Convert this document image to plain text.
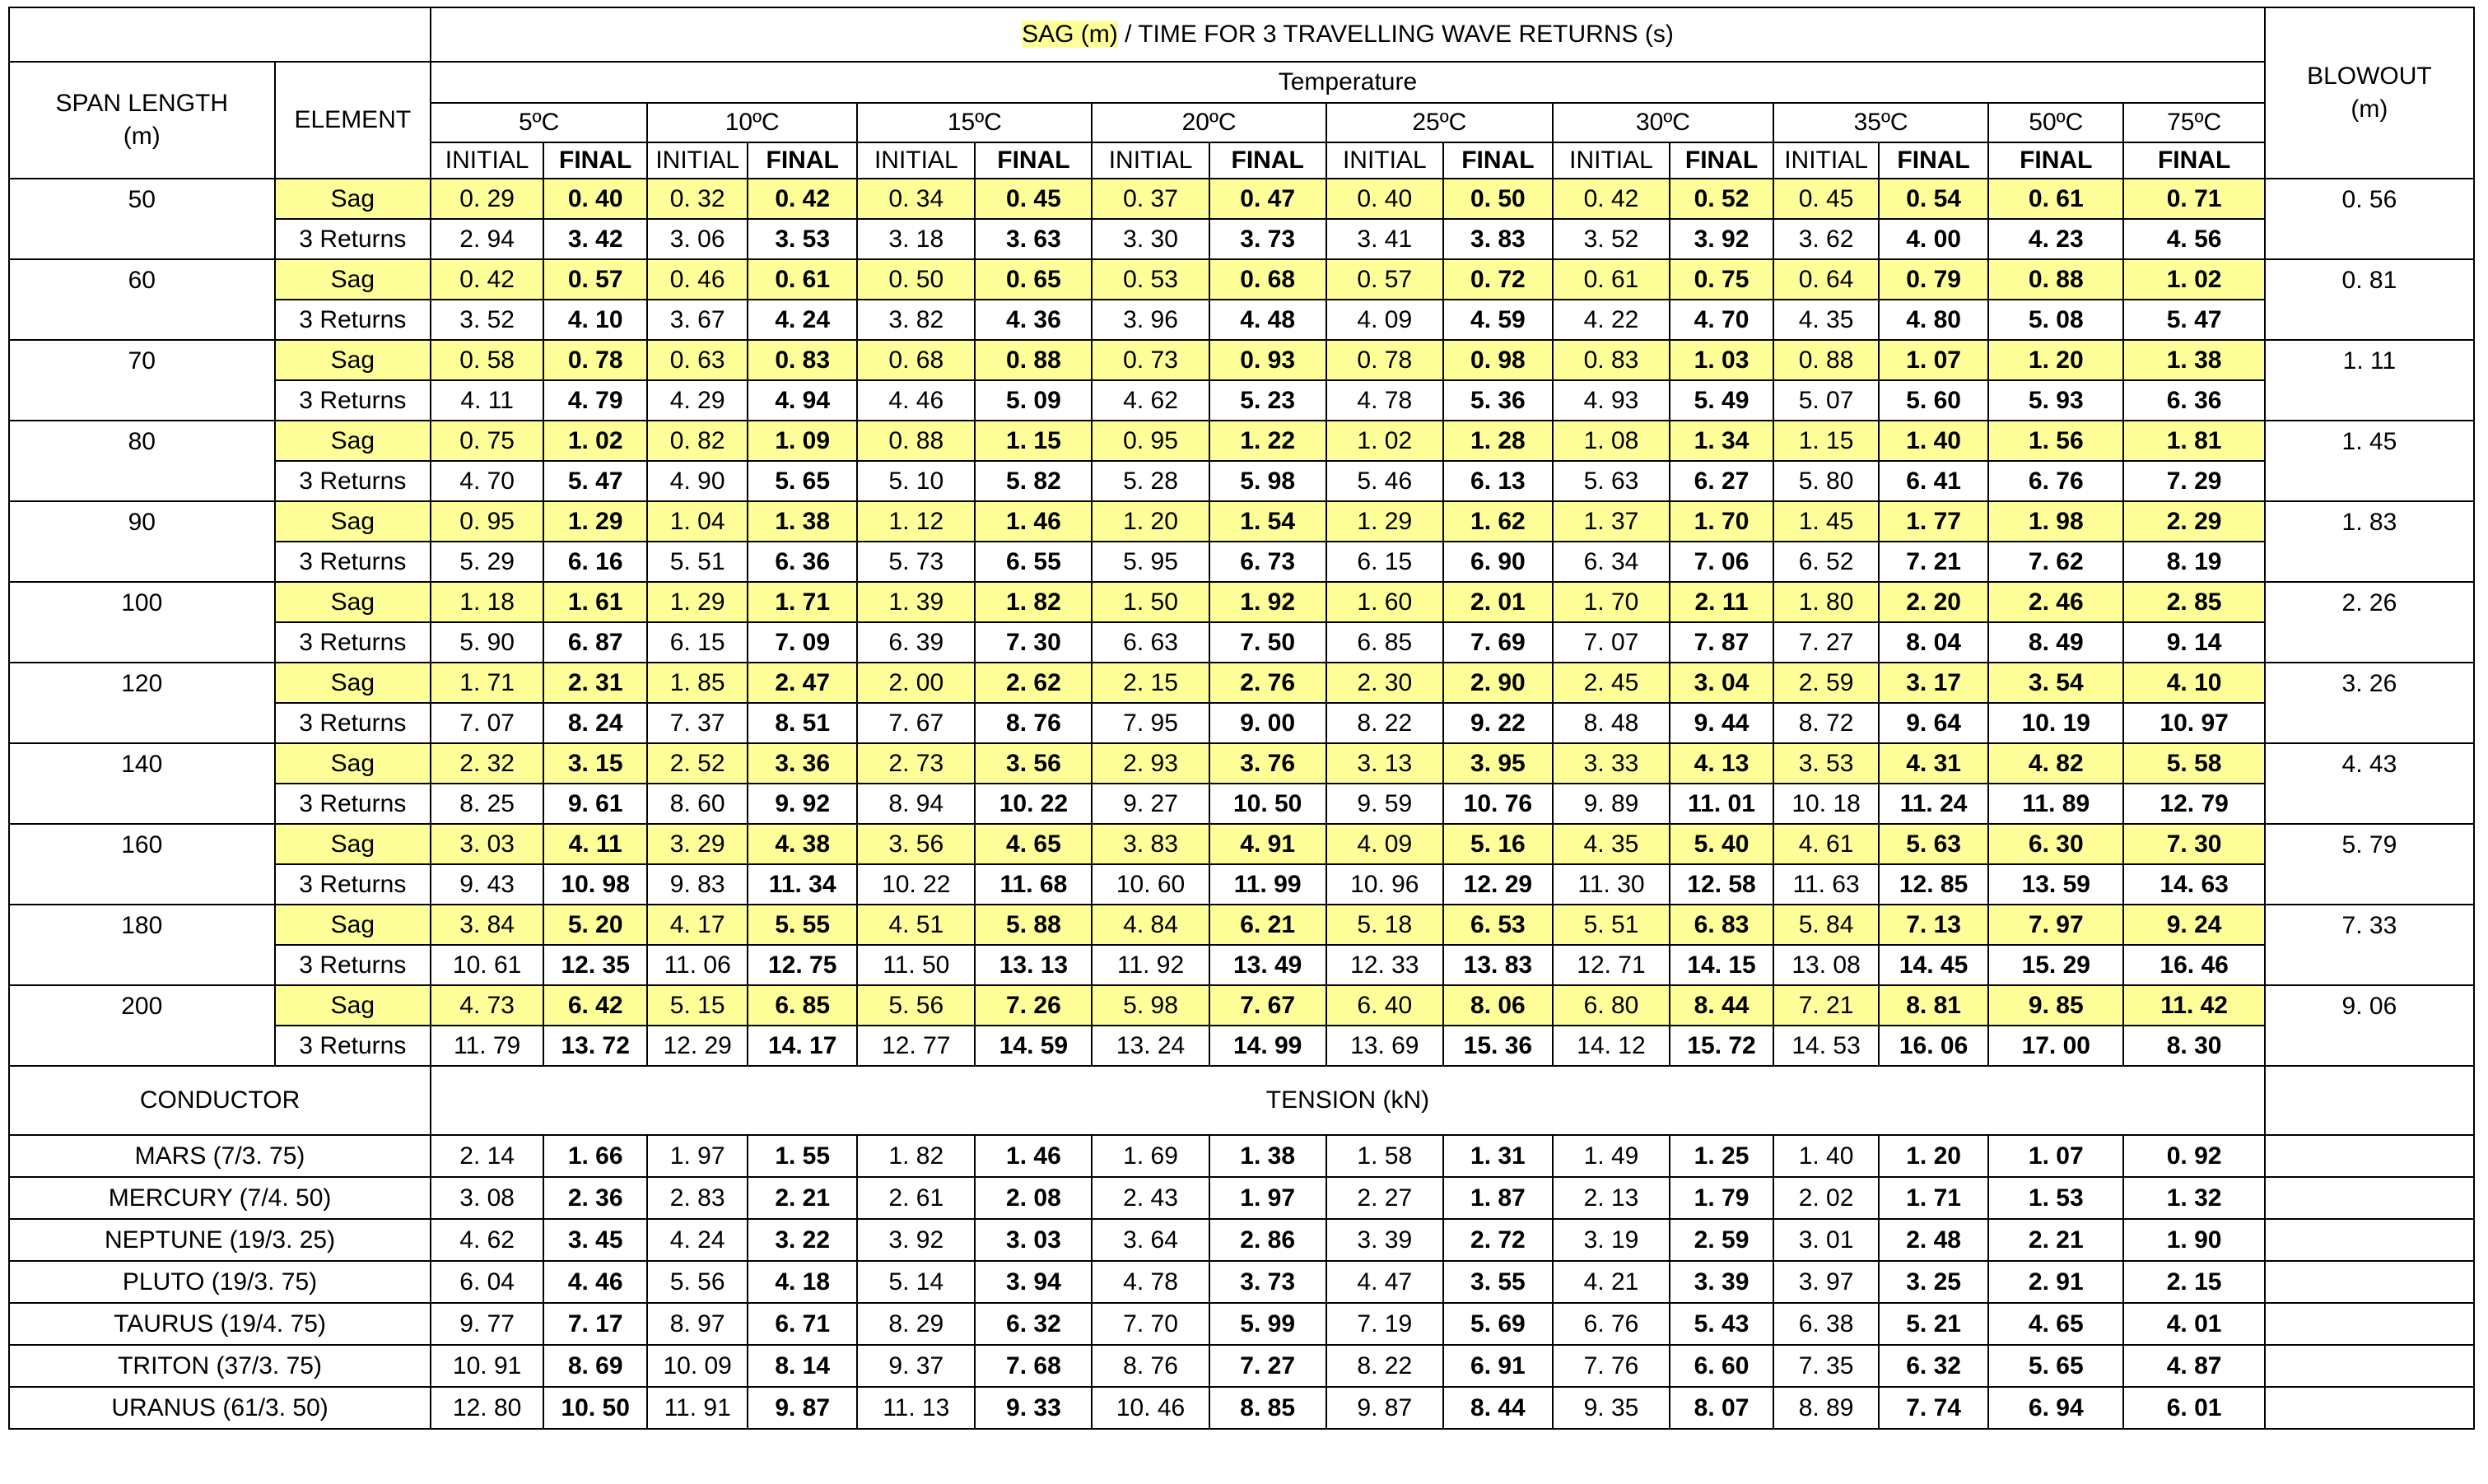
		SAG (m) / TIME FOR 3 TRAVELLING WAVE RETURNS (s)																BLOWOUT
(m)

SPAN LENGTH
(m)	ELEMENT	Temperature																
		5ºC		10ºC		15ºC		20ºC		25ºC		30ºC		35ºC		50ºC	75ºC	
		INITIAL	FINAL	INITIAL	FINAL	INITIAL	FINAL	INITIAL	FINAL	INITIAL	FINAL	INITIAL	FINAL	INITIAL	FINAL	FINAL	FINAL	
50	Sag	0. 29	0. 40	0. 32	0. 42	0. 34	0. 45	0. 37	0. 47	0. 40	0. 50	0. 42	0. 52	0. 45	0. 54	0. 61	0. 71	0. 56
	3 Returns	2. 94	3. 42	3. 06	3. 53	3. 18	3. 63	3. 30	3. 73	3. 41	3. 83	3. 52	3. 92	3. 62	4. 00	4. 23	4. 56	
60	Sag	0. 42	0. 57	0. 46	0. 61	0. 50	0. 65	0. 53	0. 68	0. 57	0. 72	0. 61	0. 75	0. 64	0. 79	0. 88	1. 02	0. 81
	3 Returns	3. 52	4. 10	3. 67	4. 24	3. 82	4. 36	3. 96	4. 48	4. 09	4. 59	4. 22	4. 70	4. 35	4. 80	5. 08	5. 47	
70	Sag	0. 58	0. 78	0. 63	0. 83	0. 68	0. 88	0. 73	0. 93	0. 78	0. 98	0. 83	1. 03	0. 88	1. 07	1. 20	1. 38	1. 11
	3 Returns	4. 11	4. 79	4. 29	4. 94	4. 46	5. 09	4. 62	5. 23	4. 78	5. 36	4. 93	5. 49	5. 07	5. 60	5. 93	6. 36	
80	Sag	0. 75	1. 02	0. 82	1. 09	0. 88	1. 15	0. 95	1. 22	1. 02	1. 28	1. 08	1. 34	1. 15	1. 40	1. 56	1. 81	1. 45
	3 Returns	4. 70	5. 47	4. 90	5. 65	5. 10	5. 82	5. 28	5. 98	5. 46	6. 13	5. 63	6. 27	5. 80	6. 41	6. 76	7. 29	
90	Sag	0. 95	1. 29	1. 04	1. 38	1. 12	1. 46	1. 20	1. 54	1. 29	1. 62	1. 37	1. 70	1. 45	1. 77	1. 98	2. 29	1. 83
	3 Returns	5. 29	6. 16	5. 51	6. 36	5. 73	6. 55	5. 95	6. 73	6. 15	6. 90	6. 34	7. 06	6. 52	7. 21	7. 62	8. 19	
100	Sag	1. 18	1. 61	1. 29	1. 71	1. 39	1. 82	1. 50	1. 92	1. 60	2. 01	1. 70	2. 11	1. 80	2. 20	2. 46	2. 85	2. 26
	3 Returns	5. 90	6. 87	6. 15	7. 09	6. 39	7. 30	6. 63	7. 50	6. 85	7. 69	7. 07	7. 87	7. 27	8. 04	8. 49	9. 14	
120	Sag	1. 71	2. 31	1. 85	2. 47	2. 00	2. 62	2. 15	2. 76	2. 30	2. 90	2. 45	3. 04	2. 59	3. 17	3. 54	4. 10	3. 26
	3 Returns	7. 07	8. 24	7. 37	8. 51	7. 67	8. 76	7. 95	9. 00	8. 22	9. 22	8. 48	9. 44	8. 72	9. 64	10. 19	10. 97	
140	Sag	2. 32	3. 15	2. 52	3. 36	2. 73	3. 56	2. 93	3. 76	3. 13	3. 95	3. 33	4. 13	3. 53	4. 31	4. 82	5. 58	4. 43
	3 Returns	8. 25	9. 61	8. 60	9. 92	8. 94	10. 22	9. 27	10. 50	9. 59	10. 76	9. 89	11. 01	10. 18	11. 24	11. 89	12. 79	
160	Sag	3. 03	4. 11	3. 29	4. 38	3. 56	4. 65	3. 83	4. 91	4. 09	5. 16	4. 35	5. 40	4. 61	5. 63	6. 30	7. 30	5. 79
	3 Returns	9. 43	10. 98	9. 83	11. 34	10. 22	11. 68	10. 60	11. 99	10. 96	12. 29	11. 30	12. 58	11. 63	12. 85	13. 59	14. 63	
180	Sag	3. 84	5. 20	4. 17	5. 55	4. 51	5. 88	4. 84	6. 21	5. 18	6. 53	5. 51	6. 83	5. 84	7. 13	7. 97	9. 24	7. 33
	3 Returns	10. 61	12. 35	11. 06	12. 75	11. 50	13. 13	11. 92	13. 49	12. 33	13. 83	12. 71	14. 15	13. 08	14. 45	15. 29	16. 46	
200	Sag	4. 73	6. 42	5. 15	6. 85	5. 56	7. 26	5. 98	7. 67	6. 40	8. 06	6. 80	8. 44	7. 21	8. 81	9. 85	11. 42	9. 06
	3 Returns	11. 79	13. 72	12. 29	14. 17	12. 77	14. 59	13. 24	14. 99	13. 69	15. 36	14. 12	15. 72	14. 53	16. 06	17. 00	8. 30	
CONDUCTOR		TENSION (kN)																
MARS (7/3. 75)		2. 14	1. 66	1. 97	1. 55	1. 82	1. 46	1. 69	1. 38	1. 58	1. 31	1. 49	1. 25	1. 40	1. 20	1. 07	0. 92	
MERCURY (7/4. 50)		3. 08	2. 36	2. 83	2. 21	2. 61	2. 08	2. 43	1. 97	2. 27	1. 87	2. 13	1. 79	2. 02	1. 71	1. 53	1. 32	
NEPTUNE (19/3. 25)		4. 62	3. 45	4. 24	3. 22	3. 92	3. 03	3. 64	2. 86	3. 39	2. 72	3. 19	2. 59	3. 01	2. 48	2. 21	1. 90	
PLUTO (19/3. 75)		6. 04	4. 46	5. 56	4. 18	5. 14	3. 94	4. 78	3. 73	4. 47	3. 55	4. 21	3. 39	3. 97	3. 25	2. 91	2. 15	
TAURUS (19/4. 75)		9. 77	7. 17	8. 97	6. 71	8. 29	6. 32	7. 70	5. 99	7. 19	5. 69	6. 76	5. 43	6. 38	5. 21	4. 65	4. 01	
TRITON (37/3. 75)		10. 91	8. 69	10. 09	8. 14	9. 37	7. 68	8. 76	7. 27	8. 22	6. 91	7. 76	6. 60	7. 35	6. 32	5. 65	4. 87	
URANUS (61/3. 50)		12. 80	10. 50	11. 91	9. 87	11. 13	9. 33	10. 46	8. 85	9. 87	8. 44	9. 35	8. 07	8. 89	7. 74	6. 94	6. 01	
